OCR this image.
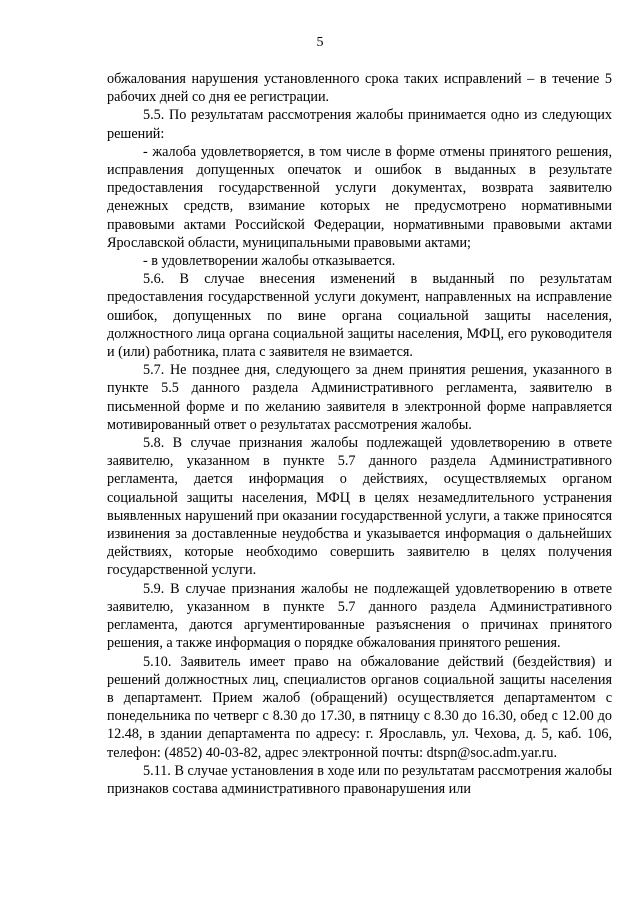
5

обжалования нарушения установленного срока таких исправлений – в течение 5 рабочих дней со дня ее регистрации.

5.5. По результатам рассмотрения жалобы принимается одно из следующих решений:

- жалоба удовлетворяется, в том числе в форме отмены принятого решения, исправления допущенных опечаток и ошибок в выданных в результате предоставления государственной услуги документах, возврата заявителю денежных средств, взимание которых не предусмотрено нормативными правовыми актами Российской Федерации, нормативными правовыми актами Ярославской области, муниципальными правовыми актами;

- в удовлетворении жалобы отказывается.

5.6. В случае внесения изменений в выданный по результатам предоставления государственной услуги документ, направленных на исправление ошибок, допущенных по вине органа социальной защиты населения, должностного лица органа социальной защиты населения, МФЦ, его руководителя и (или) работника, плата с заявителя не взимается.

5.7. Не позднее дня, следующего за днем принятия решения, указанного в пункте 5.5 данного раздела Административного регламента, заявителю в письменной форме и по желанию заявителя в электронной форме направляется мотивированный ответ о результатах рассмотрения жалобы.

5.8. В случае признания жалобы подлежащей удовлетворению в ответе заявителю, указанном в пункте 5.7 данного раздела Административного регламента, дается информация о действиях, осуществляемых органом социальной защиты населения, МФЦ в целях незамедлительного устранения выявленных нарушений при оказании государственной услуги, а также приносятся извинения за доставленные неудобства и указывается информация о дальнейших действиях, которые необходимо совершить заявителю в целях получения государственной услуги.

5.9. В случае признания жалобы не подлежащей удовлетворению в ответе заявителю, указанном в пункте 5.7 данного раздела Административного регламента, даются аргументированные разъяснения о причинах принятого решения, а также информация о порядке обжалования принятого решения.

5.10. Заявитель имеет право на обжалование действий (бездействия) и решений должностных лиц, специалистов органов социальной защиты населения в департамент. Прием жалоб (обращений) осуществляется департаментом с понедельника по четверг с 8.30 до 17.30, в пятницу с 8.30 до 16.30, обед с 12.00 до 12.48, в здании департамента по адресу: г. Ярославль, ул. Чехова, д. 5, каб. 106, телефон: (4852) 40-03-82, адрес электронной почты: dtspn@soc.adm.yar.ru.

5.11. В случае установления в ходе или по результатам рассмотрения жалобы признаков состава административного правонарушения или
